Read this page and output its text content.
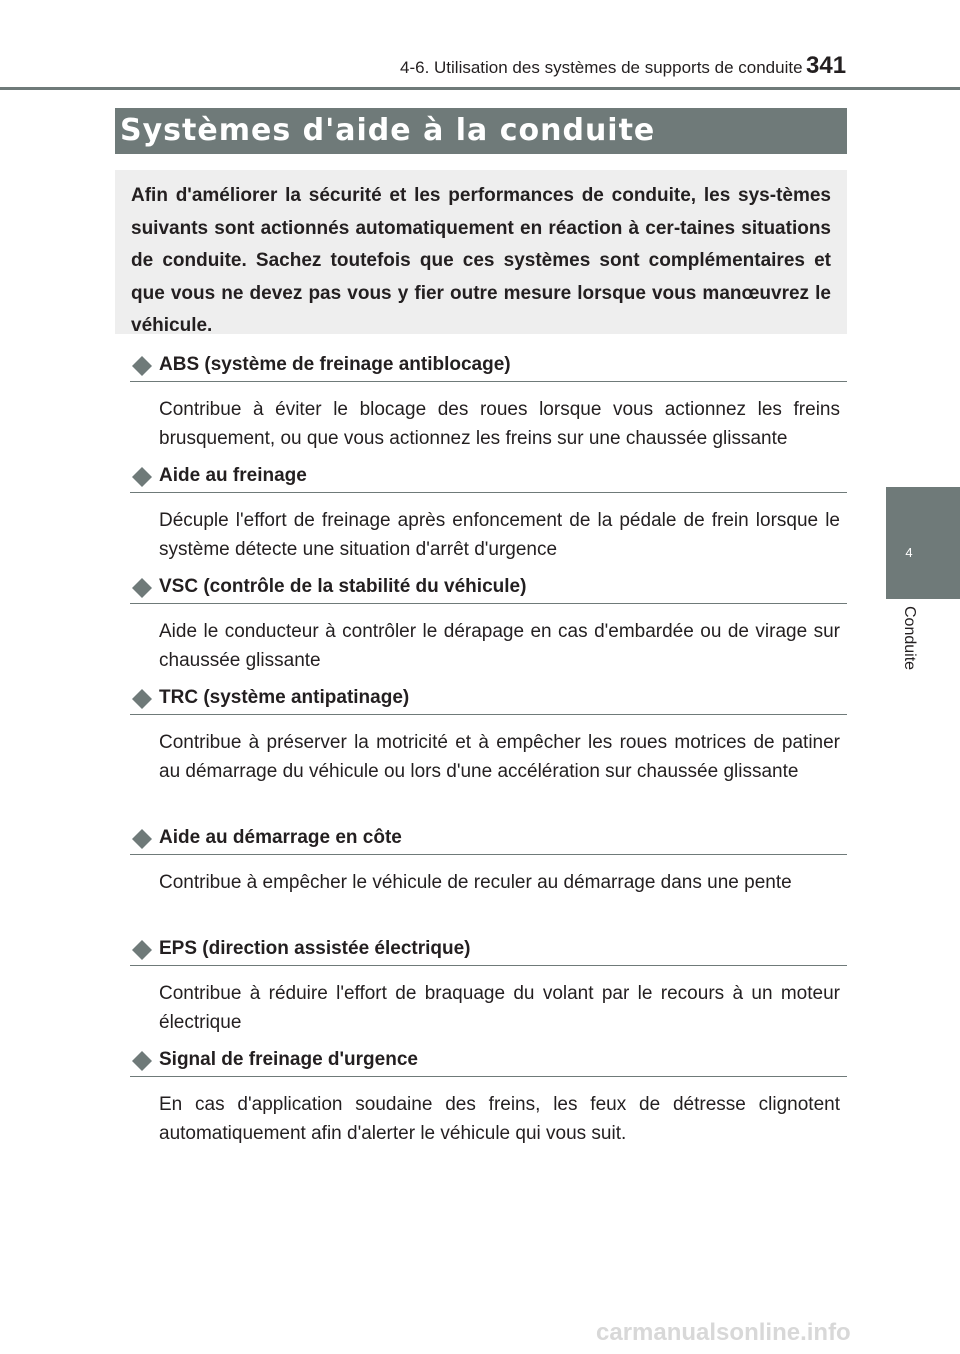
4-6. Utilisation des systèmes de supports de conduite 341
Systèmes d'aide à la conduite
Afin d'améliorer la sécurité et les performances de conduite, les sys-tèmes suivants sont actionnés automatiquement en réaction à cer-taines situations de conduite. Sachez toutefois que ces systèmes sont complémentaires et que vous ne devez pas vous y fier outre mesure lorsque vous manœuvrez le véhicule.
4
Conduite
ABS (système de freinage antiblocage)
Contribue à éviter le blocage des roues lorsque vous actionnez les freins brusquement, ou que vous actionnez les freins sur une chaussée glissante
Aide au freinage
Décuple l'effort de freinage après enfoncement de la pédale de frein lorsque le système détecte une situation d'arrêt d'urgence
VSC (contrôle de la stabilité du véhicule)
Aide le conducteur à contrôler le dérapage en cas d'embardée ou de virage sur chaussée glissante
TRC (système antipatinage)
Contribue à préserver la motricité et à empêcher les roues motrices de patiner au démarrage du véhicule ou lors d'une accélération sur chaussée glissante
Aide au démarrage en côte
Contribue à empêcher le véhicule de reculer au démarrage dans une pente
EPS (direction assistée électrique)
Contribue à réduire l'effort de braquage du volant par le recours à un moteur électrique
Signal de freinage d'urgence
En cas d'application soudaine des freins, les feux de détresse clignotent automatiquement afin d'alerter le véhicule qui vous suit.
carmanualsonline.info
